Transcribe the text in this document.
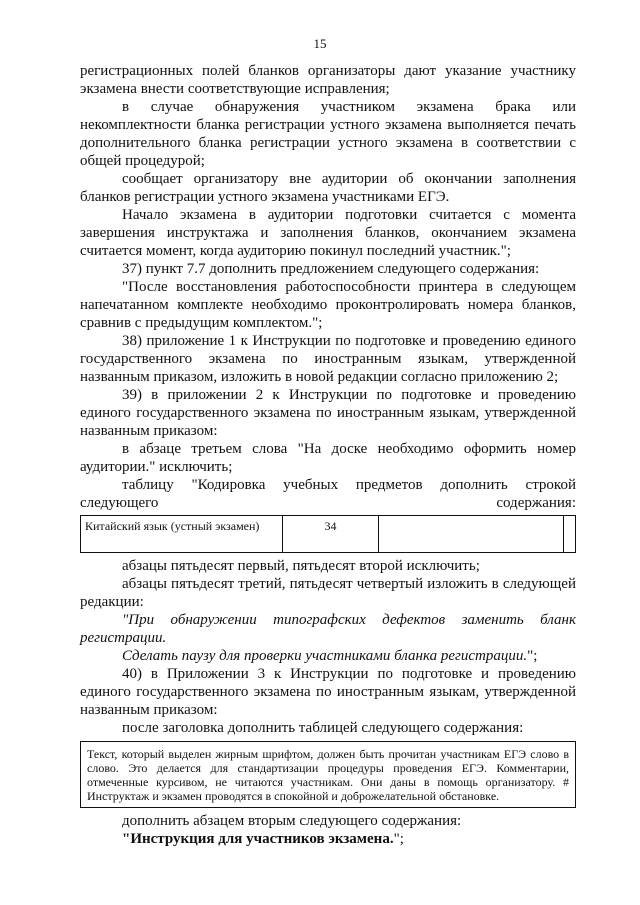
15

регистрационных полей бланков организаторы дают указание участнику экзамена внести соответствующие исправления;

в случае обнаружения участником экзамена брака или некомплектности бланка регистрации устного экзамена выполняется печать дополнительного бланка регистрации устного экзамена в соответствии с общей процедурой;

сообщает организатору вне аудитории об окончании заполнения бланков регистрации устного экзамена участниками ЕГЭ.

Начало экзамена в аудитории подготовки считается с момента завершения инструктажа и заполнения бланков, окончанием экзамена считается момент, когда аудиторию покинул последний участник.";

37) пункт 7.7 дополнить предложением следующего содержания:

"После восстановления работоспособности принтера в следующем напечатанном комплекте необходимо проконтролировать номера бланков, сравнив с предыдущим комплектом.";

38) приложение 1 к Инструкции по подготовке и проведению единого государственного экзамена по иностранным языкам, утвержденной названным приказом, изложить в новой редакции согласно приложению 2;

39) в приложении 2 к Инструкции по подготовке и проведению единого государственного экзамена по иностранным языкам, утвержденной названным приказом:

в абзаце третьем слова "На доске необходимо оформить номер аудитории." исключить;

таблицу "Кодировка учебных предметов дополнить строкой следующего содержания:

Китайский язык (устный экзамен)	34		

абзацы пятьдесят первый, пятьдесят второй исключить;

абзацы пятьдесят третий, пятьдесят четвертый изложить в следующей редакции:

"При обнаружении типографских дефектов заменить бланк регистрации.

Сделать паузу для проверки участниками бланка регистрации.";

40) в Приложении 3 к Инструкции по подготовке и проведению единого государственного экзамена по иностранным языкам, утвержденной названным приказом:

после заголовка дополнить таблицей следующего содержания:

Текст, который выделен жирным шрифтом, должен быть прочитан участникам ЕГЭ слово в слово. Это делается для стандартизации процедуры проведения ЕГЭ. Комментарии, отмеченные курсивом, не читаются участникам. Они даны в помощь организатору. # Инструктаж и экзамен проводятся в спокойной и доброжелательной обстановке.

дополнить абзацем вторым следующего содержания:

"Инструкция для участников экзамена.";
